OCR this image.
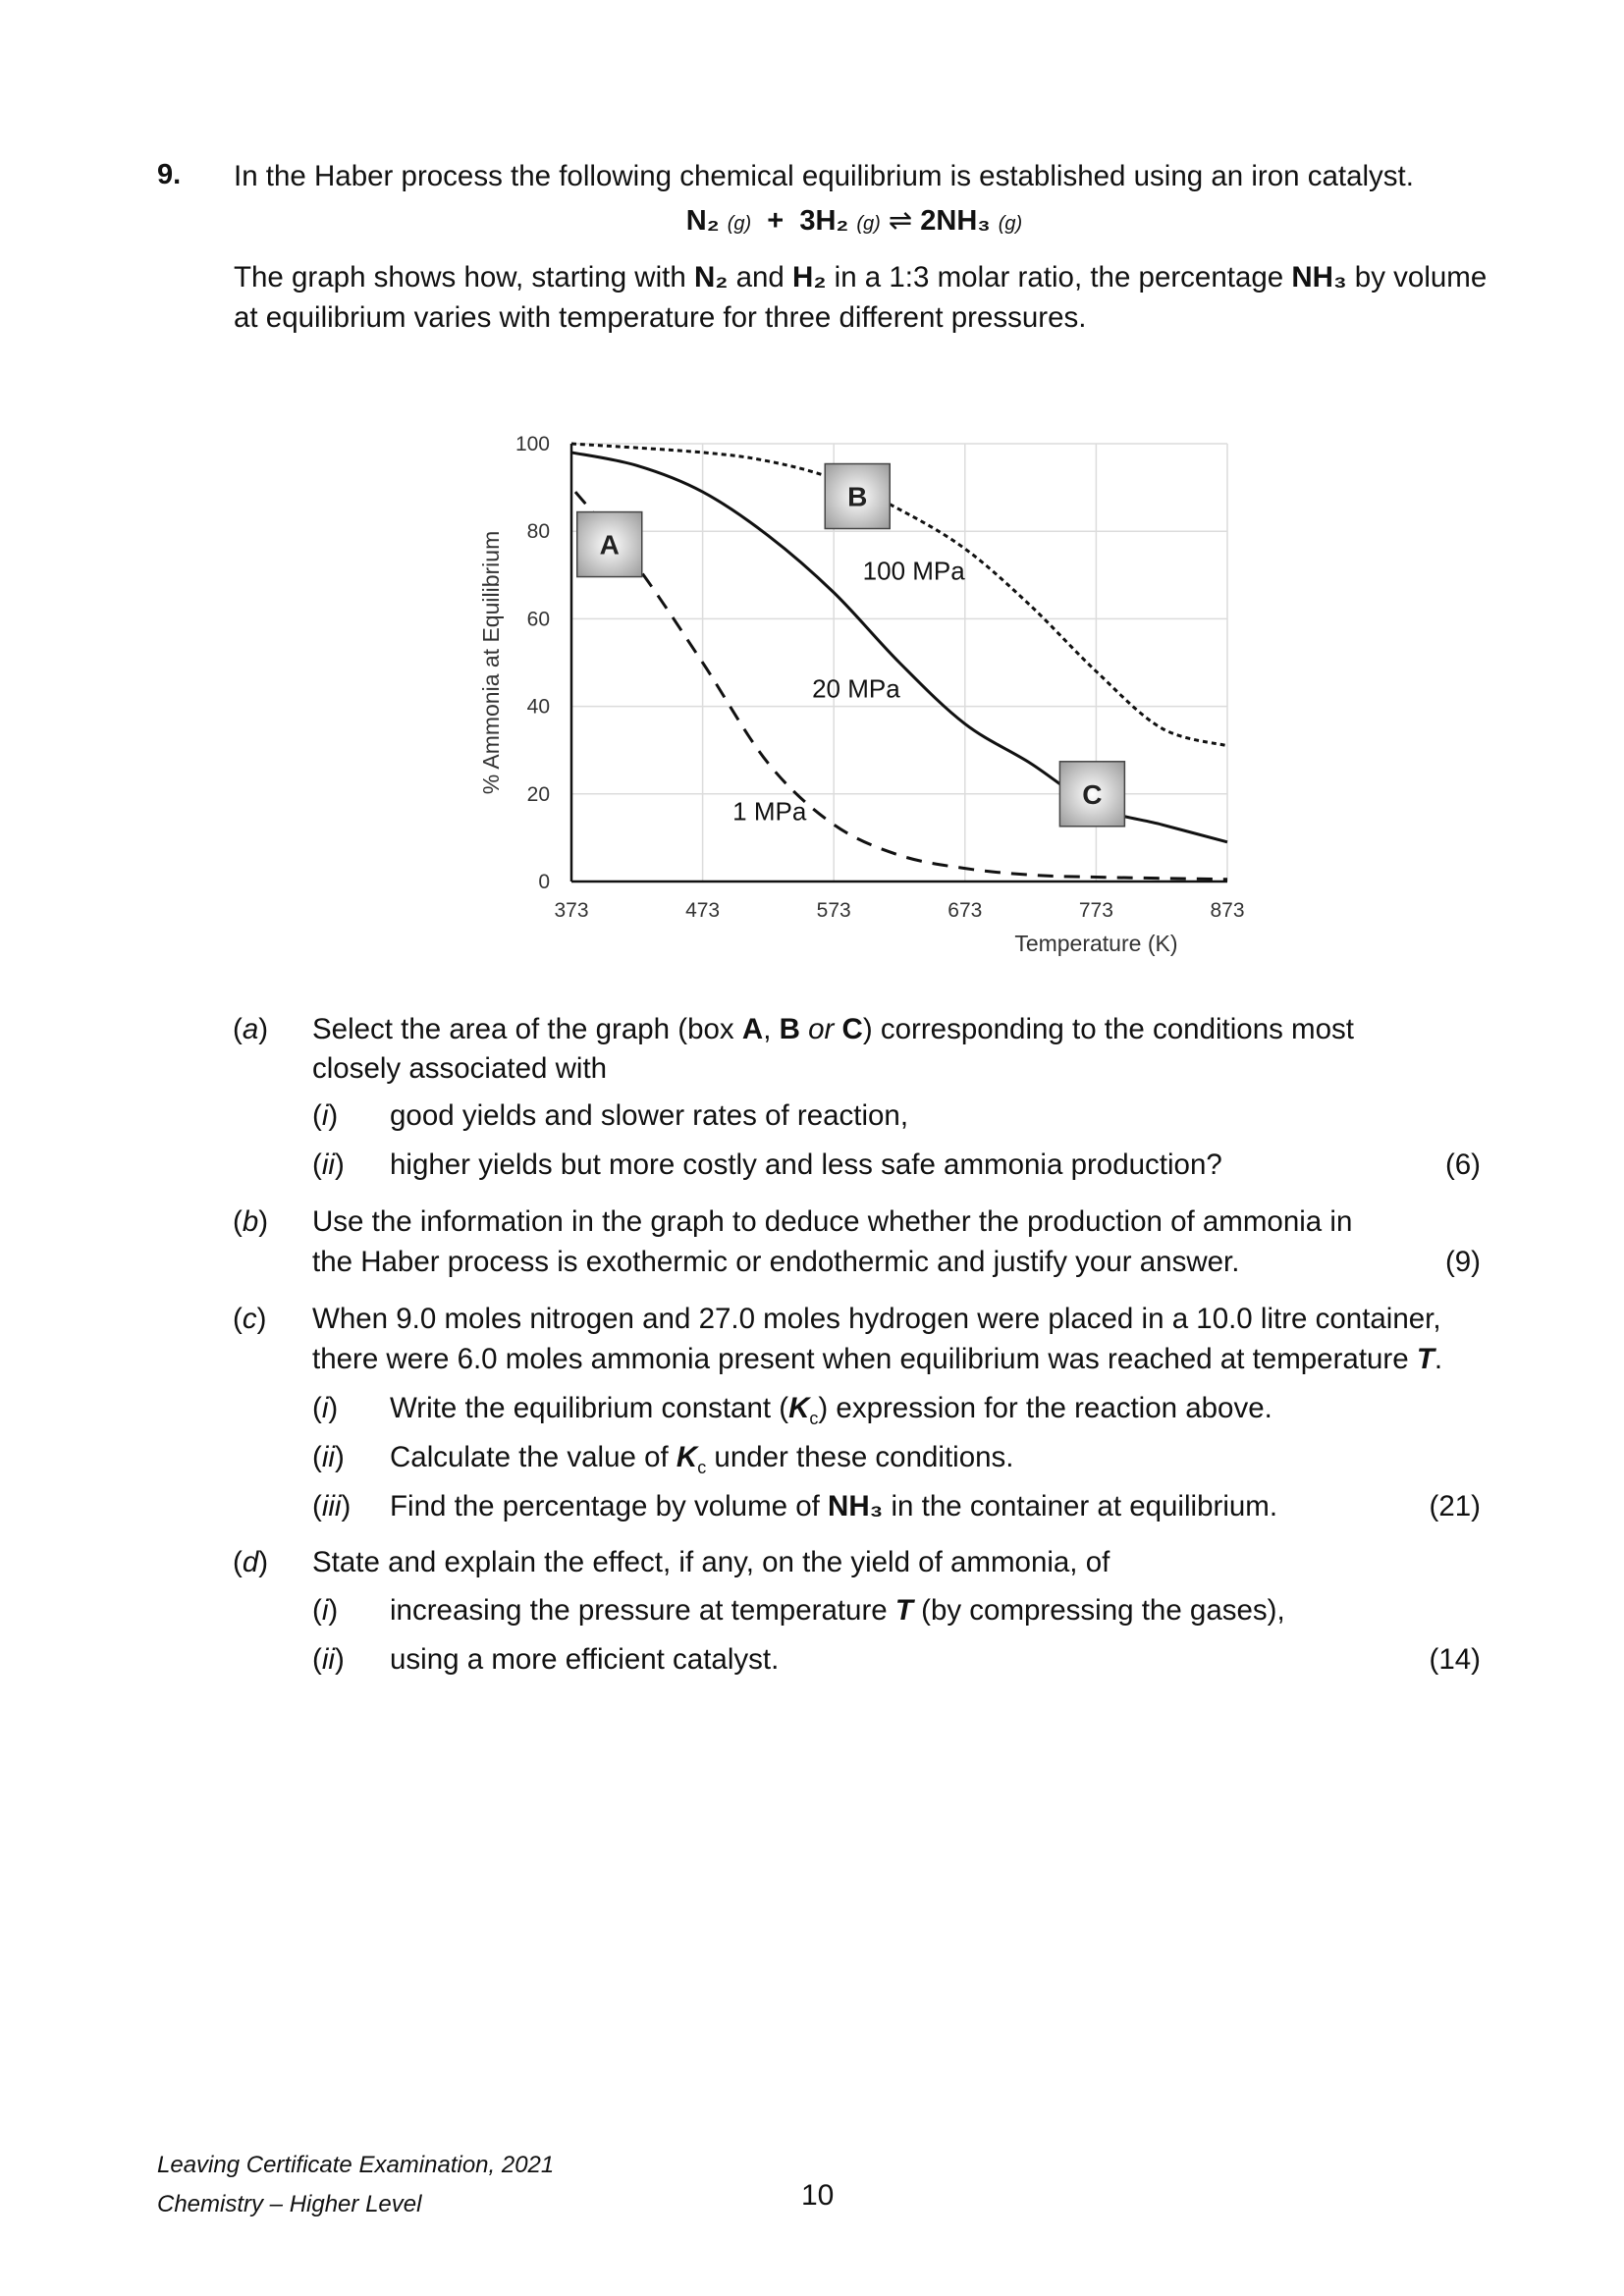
9. In the Haber process the following chemical equilibrium is established using an iron catalyst.
N₂ (g) + 3H₂ (g) ⇌ 2NH₃ (g)
The graph shows how, starting with N₂ and H₂ in a 1:3 molar ratio, the percentage NH₃ by volume
at equilibrium varies with temperature for three different pressures.
373	473	573	673	773	873
0
20
40
60
80
100
A
B
C
Temperature (K)
% Ammonia at Equilibrium	100 MPa
20 MPa
1 MPa
(a) Select the area of the graph (box A, B or C) corresponding to the conditions most
closely associated with
(i) good yields and slower rates of reaction,
(ii) higher yields but more costly and less safe ammonia production?	(6)
(b) Use the information in the graph to deduce whether the production of ammonia in
the Haber process is exothermic or endothermic and justify your answer.	(9)
(c) When 9.0 moles nitrogen and 27.0 moles hydrogen were placed in a 10.0 litre container,
there were 6.0 moles ammonia present when equilibrium was reached at temperature T.
(i) Write the equilibrium constant $(K_c)$ expression for the reaction above.
(ii) Calculate the value of $K_c$ under these conditions.
(iii) Find the percentage by volume of NH₃ in the container at equilibrium.	(21)
(d) State and explain the effect, if any, on the yield of ammonia, of
(i) increasing the pressure at temperature T (by compressing the gases),
(ii) using a more efficient catalyst.	(14)
Leaving Certificate Examination, 2021
Chemistry – Higher Level	10
